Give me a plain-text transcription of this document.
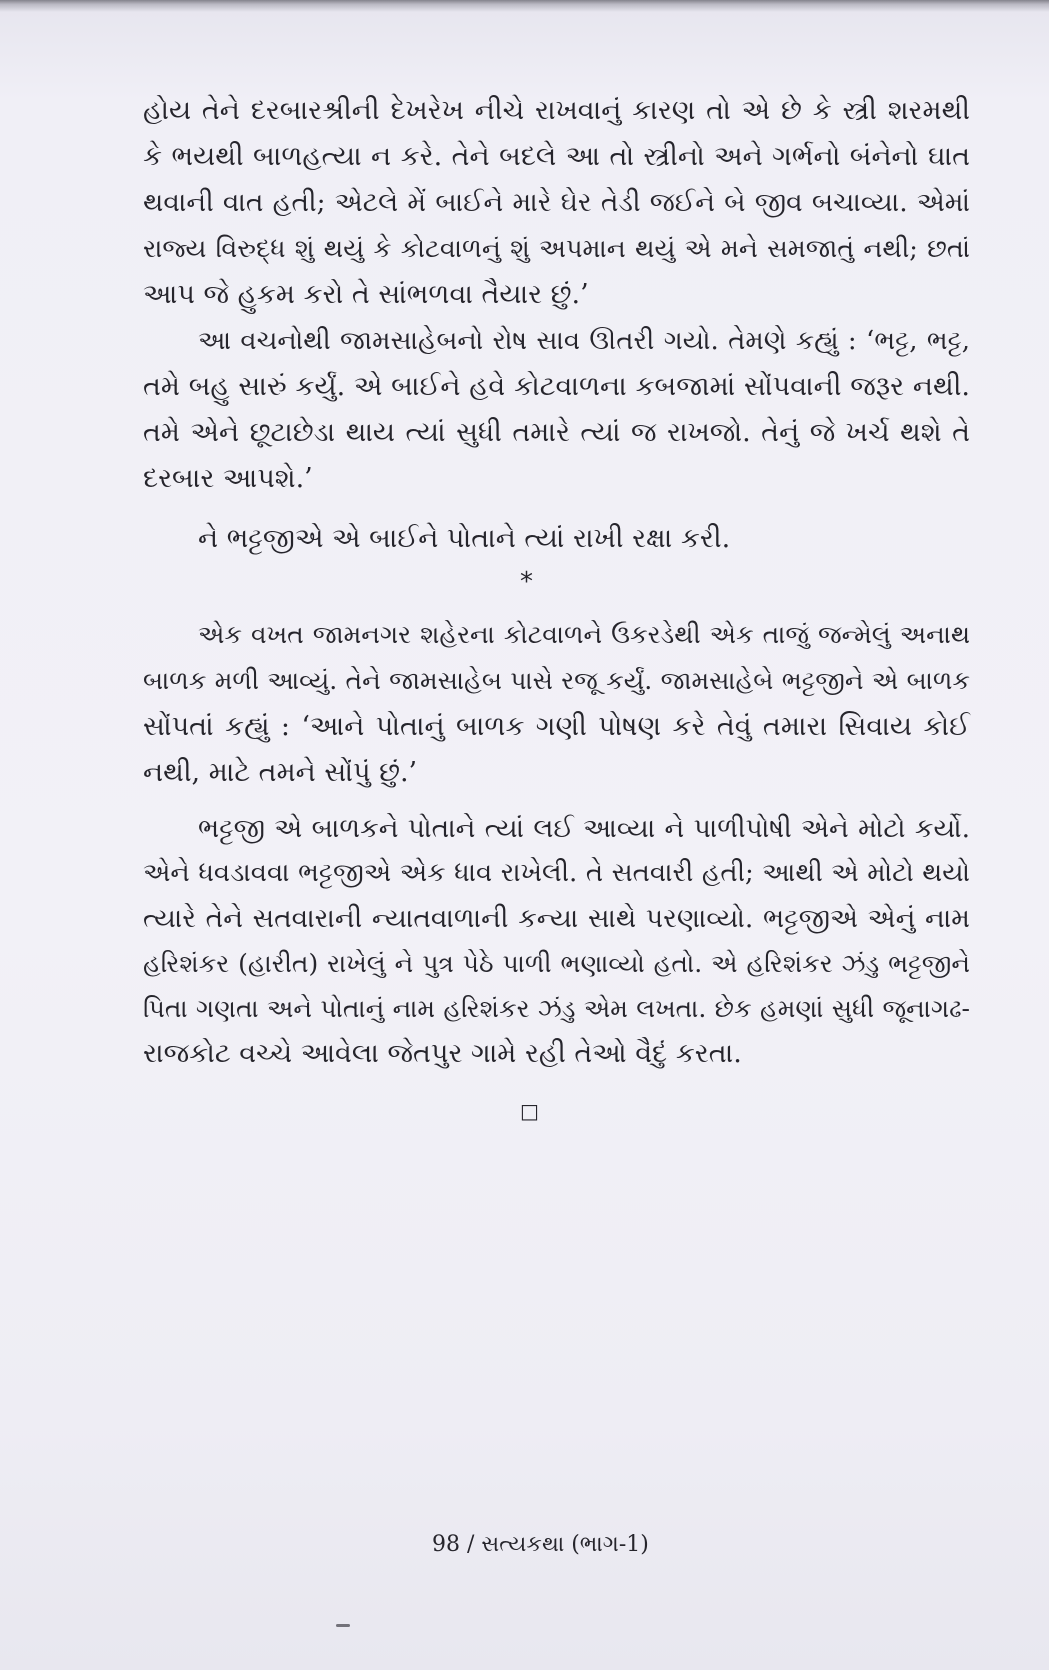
હોય તેને દરબારશ્રીની દેખરેખ નીચે રાખવાનું કારણ તો એ છે કે સ્ત્રી શરમથી
કે ભયથી બાળહત્યા ન કરે. તેને બદલે આ તો સ્ત્રીનો અને ગર્ભનો બંનેનો ઘાત
થવાની વાત હતી; એટલે મેં બાઈને મારે ઘેર તેડી જઈને બે જીવ બચાવ્યા. એમાં
રાજ્ય વિરુદ્ધ શું થયું કે કોટવાળનું શું અપમાન થયું એ મને સમજાતું નથી; છતાં
આપ જે હુકમ કરો તે સાંભળવા તૈયાર છું.’
આ વચનોથી જામસાહેબનો રોષ સાવ ઊતરી ગયો. તેમણે કહ્યું : ‘ભટ્ટ, ભટ્ટ,
તમે બહુ સારું કર્યું. એ બાઈને હવે કોટવાળના કબજામાં સોંપવાની જરૂર નથી.
તમે એને છૂટાછેડા થાય ત્યાં સુધી તમારે ત્યાં જ રાખજો. તેનું જે ખર્ચ થશે તે
દરબાર આપશે.’
ને ભટ્ટજીએ એ બાઈને પોતાને ત્યાં રાખી રક્ષા કરી.
*
એક વખત જામનગર શહેરના કોટવાળને ઉકરડેથી એક તાજું જન્મેલું અનાથ
બાળક મળી આવ્યું. તેને જામસાહેબ પાસે રજૂ કર્યું. જામસાહેબે ભટ્ટજીને એ બાળક
સોંપતાં કહ્યું : ‘આને પોતાનું બાળક ગણી પોષણ કરે તેવું તમારા સિવાય કોઈ
નથી, માટે તમને સોંપું છું.’
ભટ્ટજી એ બાળકને પોતાને ત્યાં લઈ આવ્યા ને પાળીપોષી એને મોટો કર્યો.
એને ધવડાવવા ભટ્ટજીએ એક ધાવ રાખેલી. તે સતવારી હતી; આથી એ મોટો થયો
ત્યારે તેને સતવારાની ન્યાતવાળાની કન્યા સાથે પરણાવ્યો. ભટ્ટજીએ એનું નામ
હરિશંકર (હારીત) રાખેલું ને પુત્ર પેઠે પાળી ભણાવ્યો હતો. એ હરિશંકર ઝંડુ ભટ્ટજીને
પિતા ગણતા અને પોતાનું નામ હરિશંકર ઝંડુ એમ લખતા. છેક હમણાં સુધી જૂનાગઢ-
રાજકોટ વચ્ચે આવેલા જેતપુર ગામે રહી તેઓ વૈદું કરતા.
□
98 / સત્યકથા (ભાગ-1)
